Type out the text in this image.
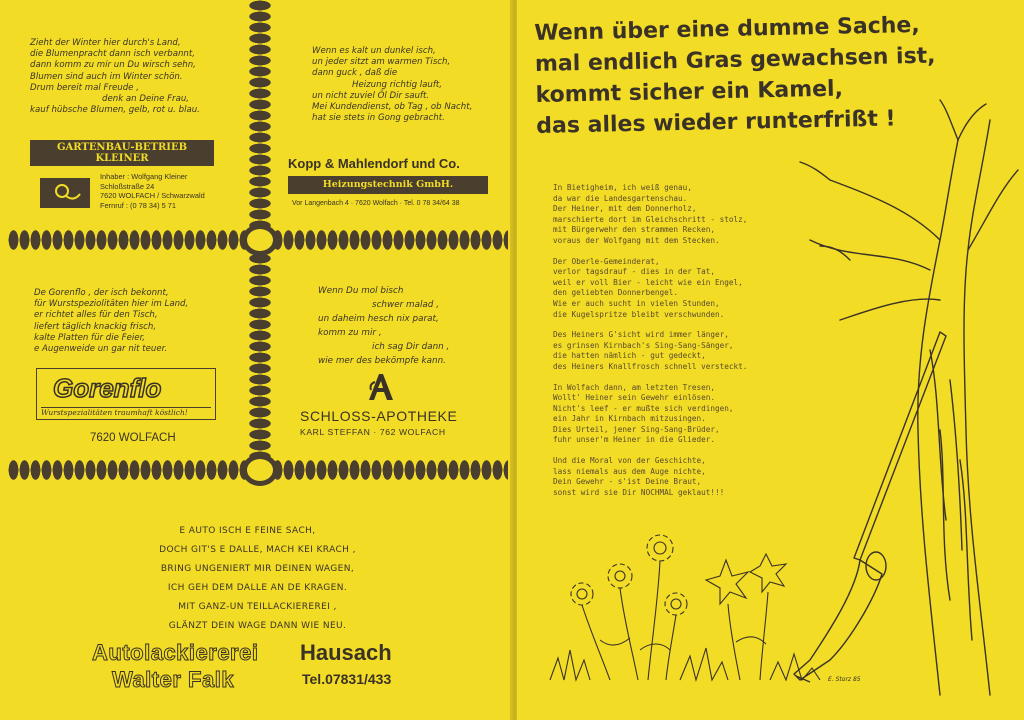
Zieht der Winter hier durch's Land,
die Blumenpracht dann isch verbannt,
dann komm zu mir un Du wirsch sehn,
Blumen sind auch im Winter schön.
Drum bereit mal Freude ,
denk an Deine Frau,
kauf hübsche Blumen, gelb, rot u. blau.
GARTENBAU-BETRIEB
KLEINER
Inhaber : Wolfgang Kleiner
Schloßstraße 24
7620 WOLFACH / Schwarzwald
Fernruf : (0 78 34) 5 71
Wenn es kalt un dunkel isch,
un jeder sitzt am warmen Tisch,
dann guck , daß die
Heizung richtig lauft,
un nicht zuviel Öl Dir sauft.
Mei Kundendienst, ob Tag , ob Nacht,
hat sie stets in Gong gebracht.
Kopp & Mahlendorf und Co.
Heizungstechnik GmbH.
Vor Langenbach 4 · 7620 Wolfach · Tel. 0 78 34/64 38
De Gorenflo , der isch bekonnt,
für Wurstspeziolitäten hier im Land,
er richtet alles für den Tisch,
liefert täglich knackig frisch,
kalte Platten für die Feier,
e Augenweide un gar nit teuer.
Gorenflo
Wurstspezialitäten traumhaft köstlich!
7620 WOLFACH
Wenn Du mol bisch
schwer malad ,
un daheim hesch nix parat,
komm zu mir ,
ich sag Dir dann ,
wie mer des bekömpfe kann.
SCHLOSS-APOTHEKE
KARL STEFFAN · 762 WOLFACH
E AUTO ISCH E FEINE SACH,
DOCH GIT'S E DALLE, MACH KEI KRACH ,
BRING UNGENIERT MIR DEINEN WAGEN,
ICH GEH DEM DALLE AN DE KRAGEN.
MIT GANZ-UN TEILLACKIEREREI ,
GLÄNZT DEIN WAGE DANN WIE NEU.
Autolackiererei
Walter Falk
Hausach
Tel.07831/433
Wenn über eine dumme Sache,
mal endlich Gras gewachsen ist,
kommt sicher ein Kamel,
das alles wieder runterfrißt !
In Bietigheim, ich weiß genau,
da war die Landesgartenschau.
Der Heiner, mit dem Donnerholz,
marschierte dort im Gleichschritt - stolz,
mit Bürgerwehr den strammen Recken,
voraus der Wolfgang mit dem Stecken.
Der Oberle-Gemeinderat,
verlor tagsdrauf - dies in der Tat,
weil er voll Bier - leicht wie ein Engel,
den geliebten Donnerbengel.
Wie er auch sucht in vielen Stunden,
die Kugelspritze bleibt verschwunden.
Des Heiners G'sicht wird immer länger,
es grinsen Kirnbach's Sing-Sang-Sänger,
die hatten nämlich - gut gedeckt,
des Heiners Knallfrosch schnell versteckt.
In Wolfach dann, am letzten Tresen,
Wollt' Heiner sein Gewehr einlösen.
Nicht's leef - er mußte sich verdingen,
ein Jahr in Kirnbach mitzusingen.
Dies Urteil, jener Sing-Sang-Brüder,
fuhr unser'm Heiner in die Glieder.
Und die Moral von der Geschichte,
lass niemals aus dem Auge nichte,
Dein Gewehr - s'ist Deine Braut,
sonst wird sie Dir NOCHMAL geklaut!!!
E. Storz 85
